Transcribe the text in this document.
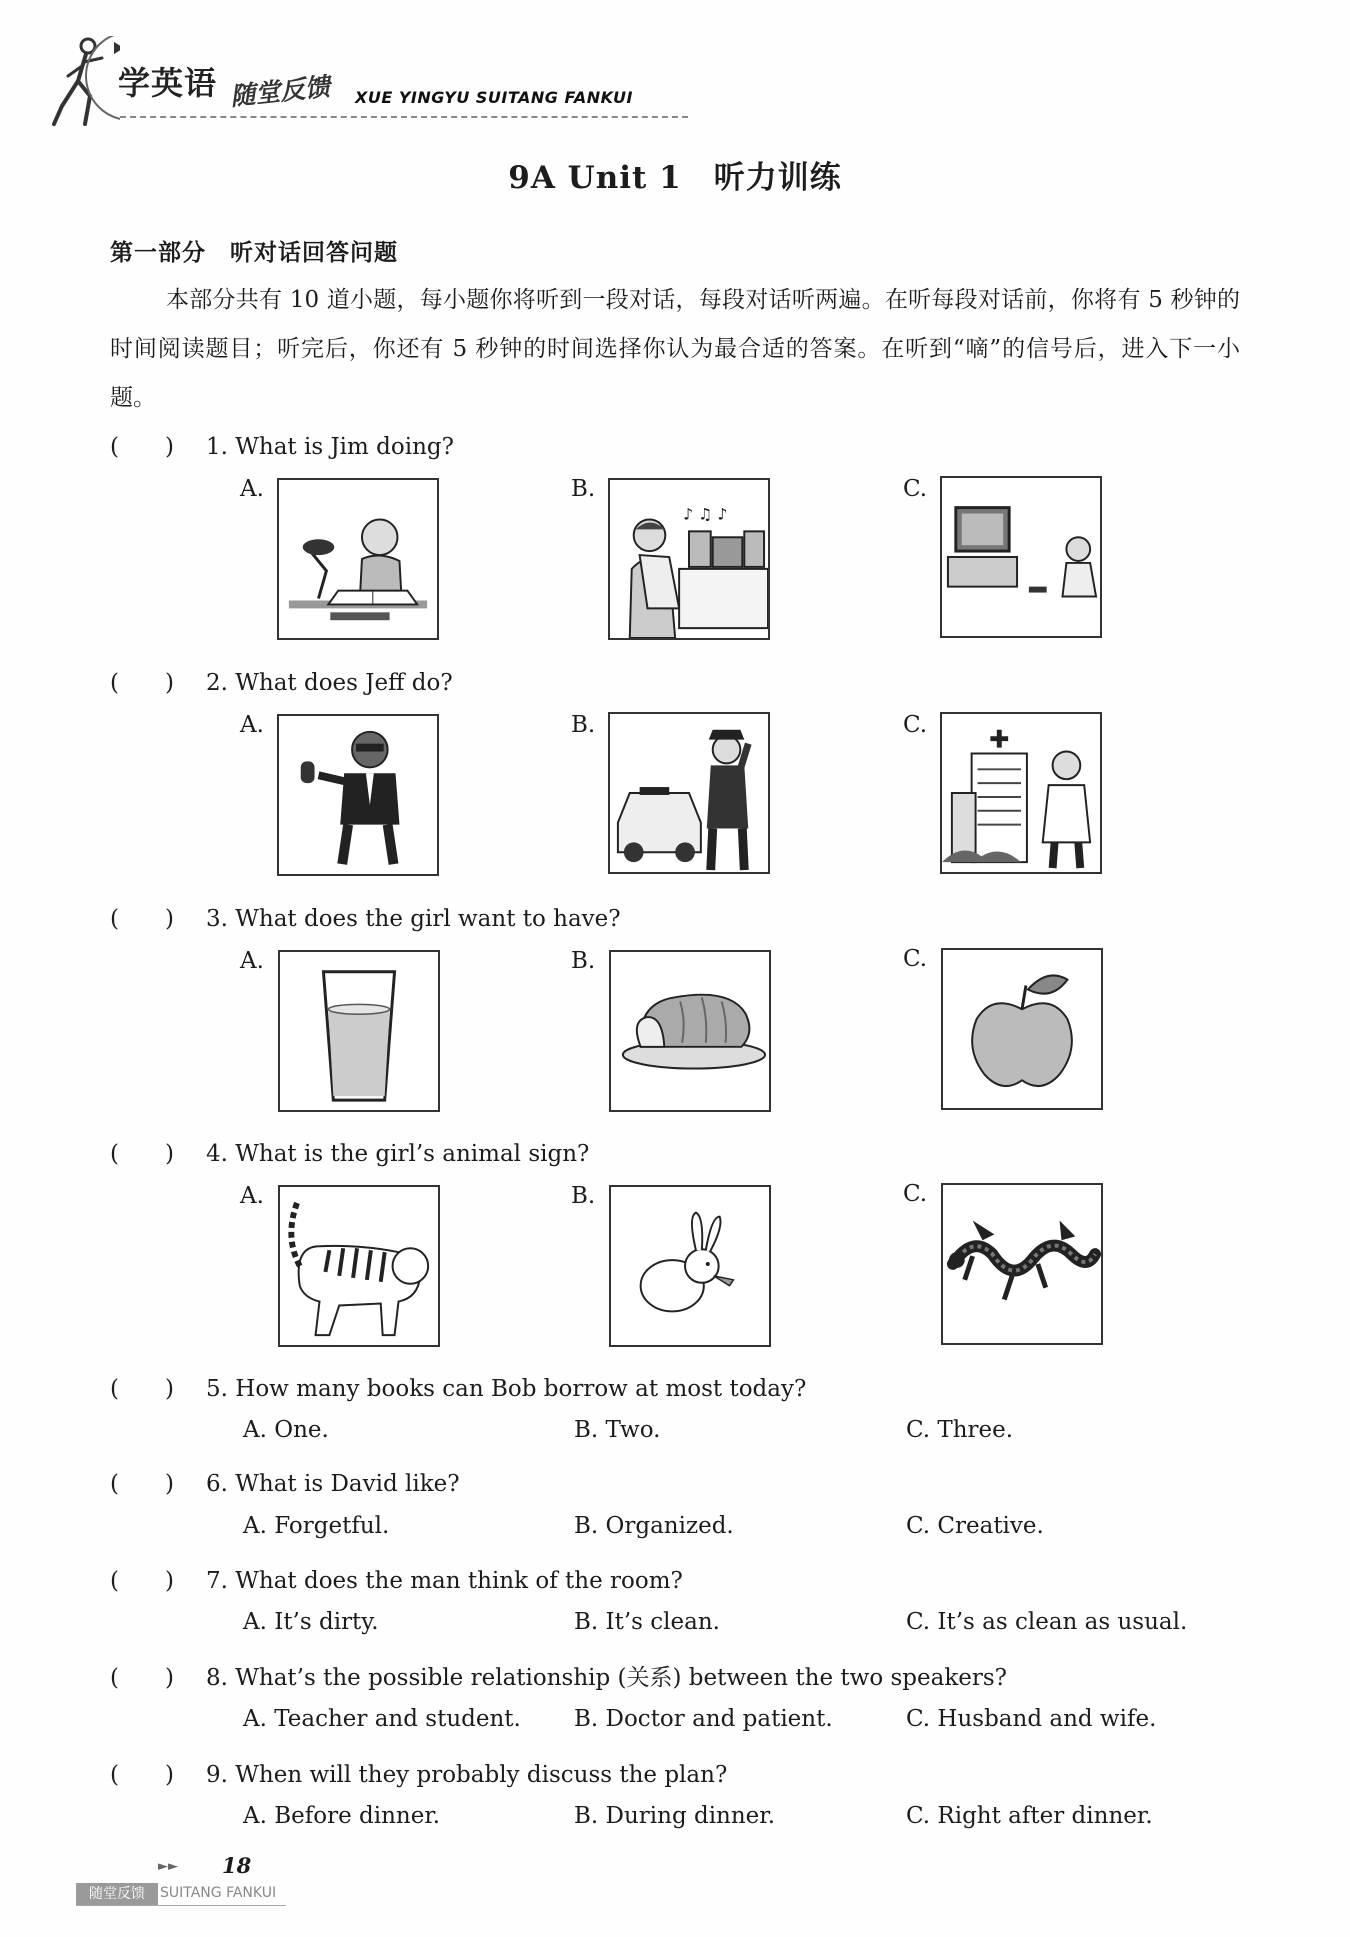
学英语 随堂反馈 XUE YINGYU SUITANG FANKUI
9A Unit 1　听力训练
第一部分　听对话回答问题
本部分共有 10 道小题，每小题你将听到一段对话，每段对话听两遍。在听每段对话前，你将有 5 秒钟的时间阅读题目；听完后，你还有 5 秒钟的时间选择你认为最合适的答案。在听到“嘀”的信号后，进入下一小题。
(　　) 1. What is Jim doing?
A.	B.	C.
♪ ♫ ♪
(　　) 2. What does Jeff do?
A.	B.	C.
(　　) 3. What does the girl want to have?
A.	B.	C.
(　　) 4. What is the girl’s animal sign?
A.	B.	C.
(　　) 5. How many books can Bob borrow at most today?
A. One.	B. Two.	C. Three.
(　　) 6. What is David like?
A. Forgetful.	B. Organized.	C. Creative.
(　　) 7. What does the man think of the room?
A. It’s dirty.	B. It’s clean.	C. It’s as clean as usual.
(　　) 8. What’s the possible relationship (关系) between the two speakers?
A. Teacher and student. B. Doctor and patient.	C. Husband and wife.
(　　) 9. When will they probably discuss the plan?
A. Before dinner.	B. During dinner.	C. Right after dinner.
►► 18
随堂反馈	SUITANG FANKUI
